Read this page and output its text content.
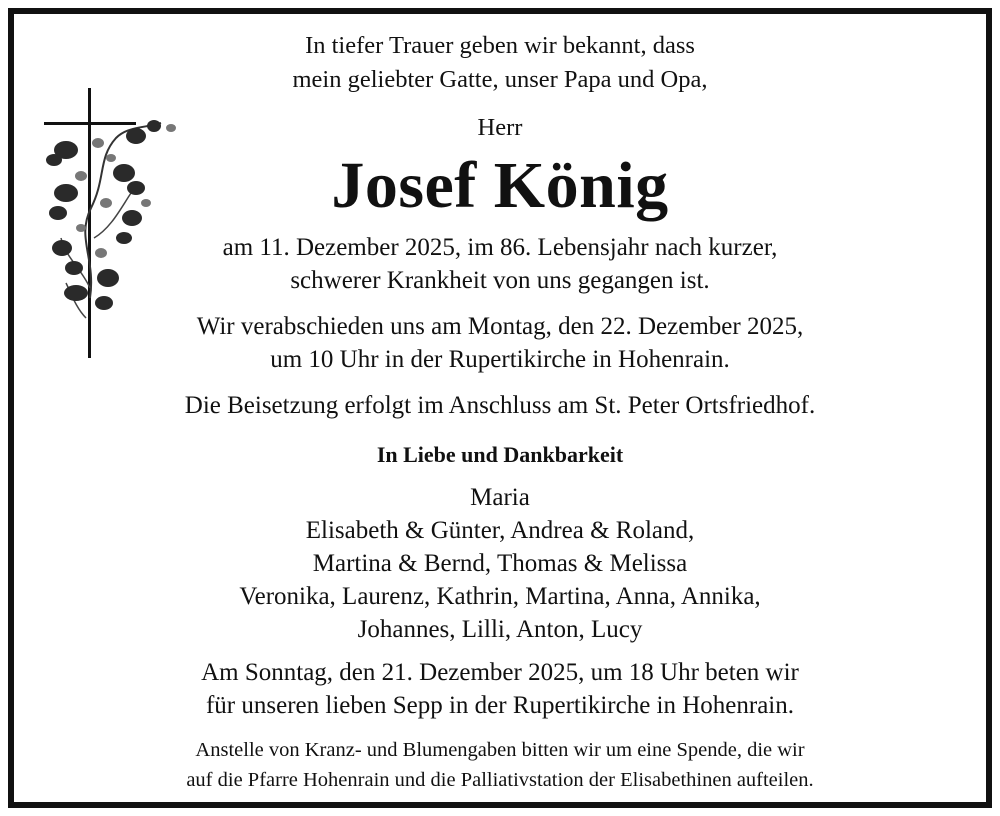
In tiefer Trauer geben wir bekannt, dass
mein geliebter Gatte, unser Papa und Opa,
Herr
Josef König
am 11. Dezember 2025, im 86. Lebensjahr nach kurzer,
schwerer Krankheit von uns gegangen ist.
Wir verabschieden uns am Montag, den 22. Dezember 2025,
um 10 Uhr in der Rupertikirche in Hohenrain.
Die Beisetzung erfolgt im Anschluss am St. Peter Ortsfriedhof.
In Liebe und Dankbarkeit
Maria
Elisabeth & Günter, Andrea & Roland,
Martina & Bernd, Thomas & Melissa
Veronika, Laurenz, Kathrin, Martina, Anna, Annika,
Johannes, Lilli, Anton, Lucy
Am Sonntag, den 21. Dezember 2025, um 18 Uhr beten wir
für unseren lieben Sepp in der Rupertikirche in Hohenrain.
Anstelle von Kranz- und Blumengaben bitten wir um eine Spende, die wir
auf die Pfarre Hohenrain und die Palliativstation der Elisabethinen aufteilen.
